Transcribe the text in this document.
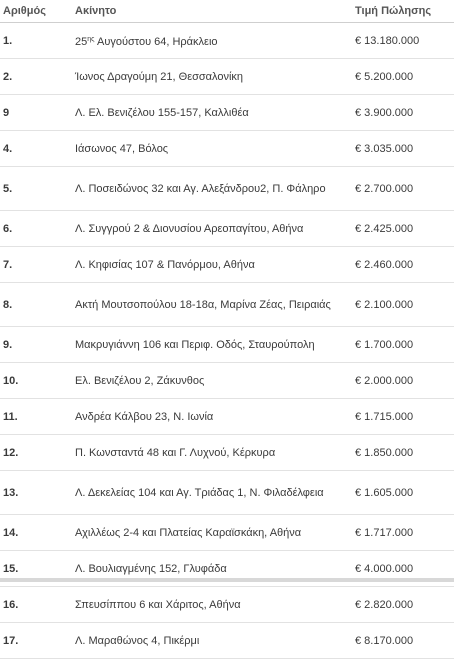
Αριθμός	Ακίνητο	Τιμή Πώλησης
1.	$25^{\eta\varsigma}$ Αυγούστου 64, Ηράκλειο	€ 13.180.000
2.	Ίωνος Δραγούμη 21, Θεσσαλονίκη	€ 5.200.000
9	Λ. Ελ. Βενιζέλου 155-157, Καλλιθέα	€ 3.900.000
4.	Ιάσωνος 47, Βόλος	€ 3.035.000
5.	Λ. Ποσειδώνος 32 και Αγ. Αλεξάνδρου2, Π. Φάληρο	€ 2.700.000
6.	Λ. Συγγρού 2 & Διονυσίου Αρεοπαγίτου, Αθήνα	€ 2.425.000
7.	Λ. Κηφισίας 107 & Πανόρμου, Αθήνα	€ 2.460.000
8.	Ακτή Μουτσοπούλου 18-18α, Μαρίνα Ζέας, Πειραιάς	€ 2.100.000
9.	Μακρυγιάννη 106 και Περιφ. Οδός, Σταυρούπολη	€ 1.700.000
10.	Ελ. Βενιζέλου 2, Ζάκυνθος	€ 2.000.000
11.	Ανδρέα Κάλβου 23, Ν. Ιωνία	€ 1.715.000
12.	Π. Κωνσταντά 48 και Γ. Λυχνού, Κέρκυρα	€ 1.850.000
13.	Λ. Δεκελείας 104 και Αγ. Τριάδας 1, Ν. Φιλαδέλφεια	€ 1.605.000
14.	Αχιλλέως 2-4 και Πλατείας Καραϊσκάκη, Αθήνα	€ 1.717.000
15.	Λ. Βουλιαγμένης 152, Γλυφάδα	€ 4.000.000
16.	Σπευσίππου 6 και Χάριτος, Αθήνα	€ 2.820.000
17.	Λ. Μαραθώνος 4, Πικέρμι	€ 8.170.000
